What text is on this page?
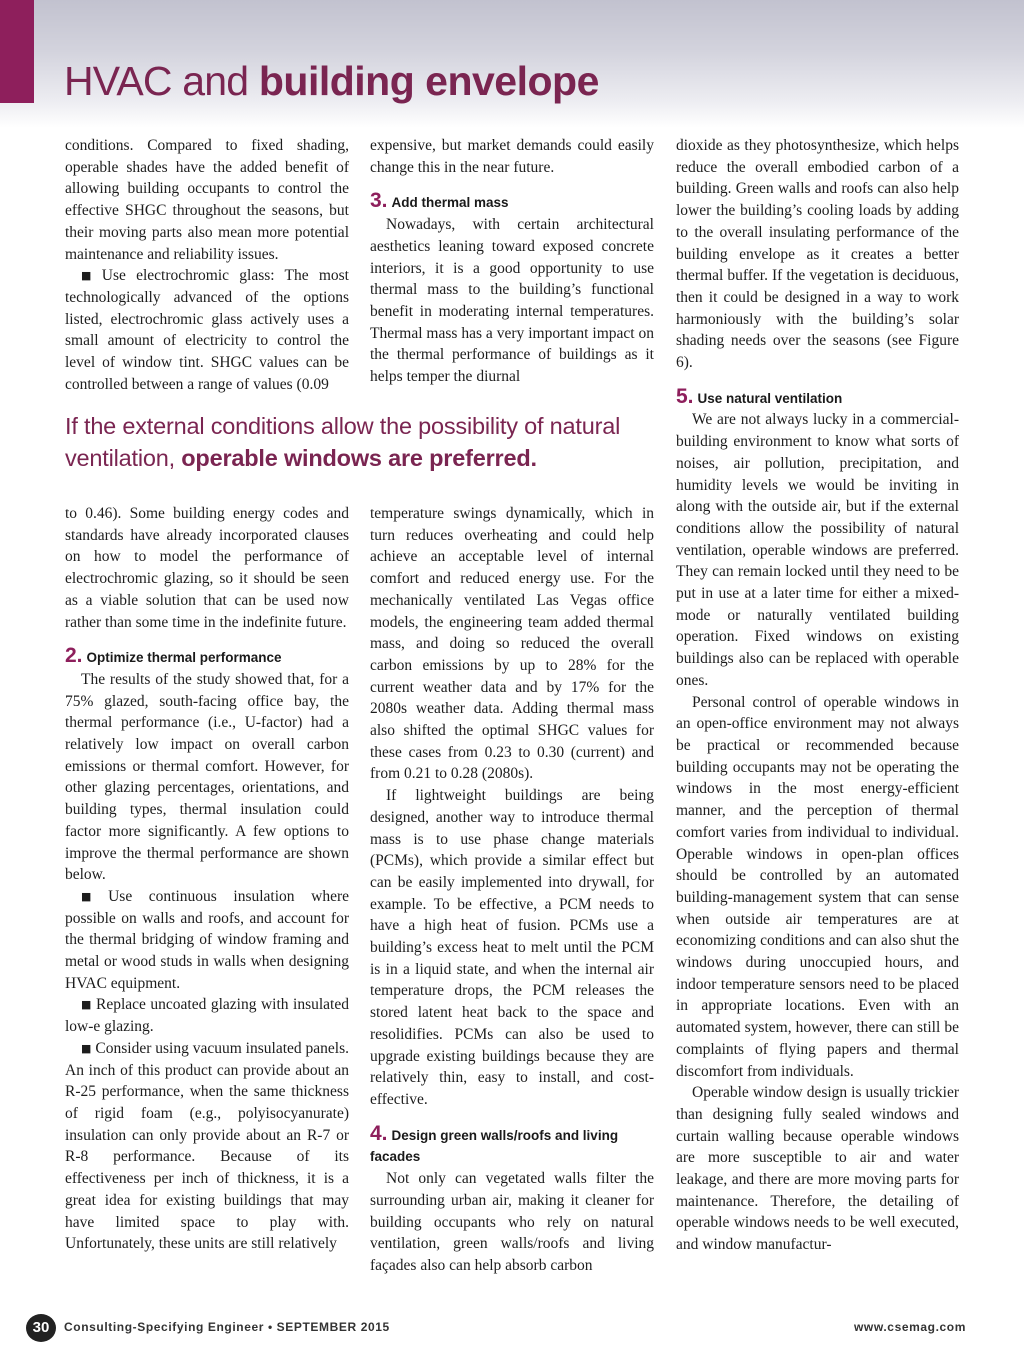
HVAC and building envelope

conditions. Compared to fixed shading, operable shades have the added benefit of allowing building occupants to control the effective SHGC throughout the seasons, but their moving parts also mean more potential maintenance and reliability issues.

■ Use electrochromic glass: The most technologically advanced of the options listed, electrochromic glass actively uses a small amount of electricity to control the level of window tint. SHGC values can be controlled between a range of values (0.09

expensive, but market demands could easily change this in the near future.

3. Add thermal mass

Nowadays, with certain architectural aesthetics leaning toward exposed concrete interiors, it is a good opportunity to use thermal mass to the building’s functional benefit in moderating internal temperatures. Thermal mass has a very important impact on the thermal performance of buildings as it helps temper the diurnal

If the external conditions allow the possibility of natural ventilation, operable windows are preferred.

to 0.46). Some building energy codes and standards have already incorporated clauses on how to model the performance of electrochromic glazing, so it should be seen as a viable solution that can be used now rather than some time in the indefinite future.

2. Optimize thermal performance

The results of the study showed that, for a 75% glazed, south-facing office bay, the thermal performance (i.e., U-factor) had a relatively low impact on overall carbon emissions or thermal comfort. However, for other glazing percentages, orientations, and building types, thermal insulation could factor more significantly. A few options to improve the thermal performance are shown below.

■ Use continuous insulation where possible on walls and roofs, and account for the thermal bridging of window framing and metal or wood studs in walls when designing HVAC equipment.

■ Replace uncoated glazing with insulated low-e glazing.

■ Consider using vacuum insulated panels. An inch of this product can provide about an R-25 performance, when the same thickness of rigid foam (e.g., polyisocyanurate) insulation can only provide about an R-7 or R-8 performance. Because of its effectiveness per inch of thickness, it is a great idea for existing buildings that may have limited space to play with. Unfortunately, these units are still relatively

temperature swings dynamically, which in turn reduces overheating and could help achieve an acceptable level of internal comfort and reduced energy use. For the mechanically ventilated Las Vegas office models, the engineering team added thermal mass, and doing so reduced the overall carbon emissions by up to 28% for the current weather data and by 17% for the 2080s weather data. Adding thermal mass also shifted the optimal SHGC values for these cases from 0.23 to 0.30 (current) and from 0.21 to 0.28 (2080s).

If lightweight buildings are being designed, another way to introduce thermal mass is to use phase change materials (PCMs), which provide a similar effect but can be easily implemented into drywall, for example. To be effective, a PCM needs to have a high heat of fusion. PCMs use a building’s excess heat to melt until the PCM is in a liquid state, and when the internal air temperature drops, the PCM releases the stored latent heat back to the space and resolidifies. PCMs can also be used to upgrade existing buildings because they are relatively thin, easy to install, and cost-effective.

4. Design green walls/roofs and living facades

Not only can vegetated walls filter the surrounding urban air, making it cleaner for building occupants who rely on natural ventilation, green walls/roofs and living façades also can help absorb carbon

dioxide as they photosynthesize, which helps reduce the overall embodied carbon of a building. Green walls and roofs can also help lower the building’s cooling loads by adding to the overall insulating performance of the building envelope as it creates a better thermal buffer. If the vegetation is deciduous, then it could be designed in a way to work harmoniously with the building’s solar shading needs over the seasons (see Figure 6).

5. Use natural ventilation

We are not always lucky in a commercial-building environment to know what sorts of noises, air pollution, precipitation, and humidity levels we would be inviting in along with the outside air, but if the external conditions allow the possibility of natural ventilation, operable windows are preferred. They can remain locked until they need to be put in use at a later time for either a mixed-mode or naturally ventilated building operation. Fixed windows on existing buildings also can be replaced with operable ones.

Personal control of operable windows in an open-office environment may not always be practical or recommended because building occupants may not be operating the windows in the most energy-efficient manner, and the perception of thermal comfort varies from individual to individual. Operable windows in open-plan offices should be controlled by an automated building-management system that can sense when outside air temperatures are at economizing conditions and can also shut the windows during unoccupied hours, and indoor temperature sensors need to be placed in appropriate locations. Even with an automated system, however, there can still be complaints of flying papers and thermal discomfort from individuals.

Operable window design is usually trickier than designing fully sealed windows and curtain walling because operable windows are more susceptible to air and water leakage, and there are more moving parts for maintenance. Therefore, the detailing of operable windows needs to be well executed, and window manufactur-

30	Consulting-Specifying Engineer • SEPTEMBER 2015	www.csemag.com
